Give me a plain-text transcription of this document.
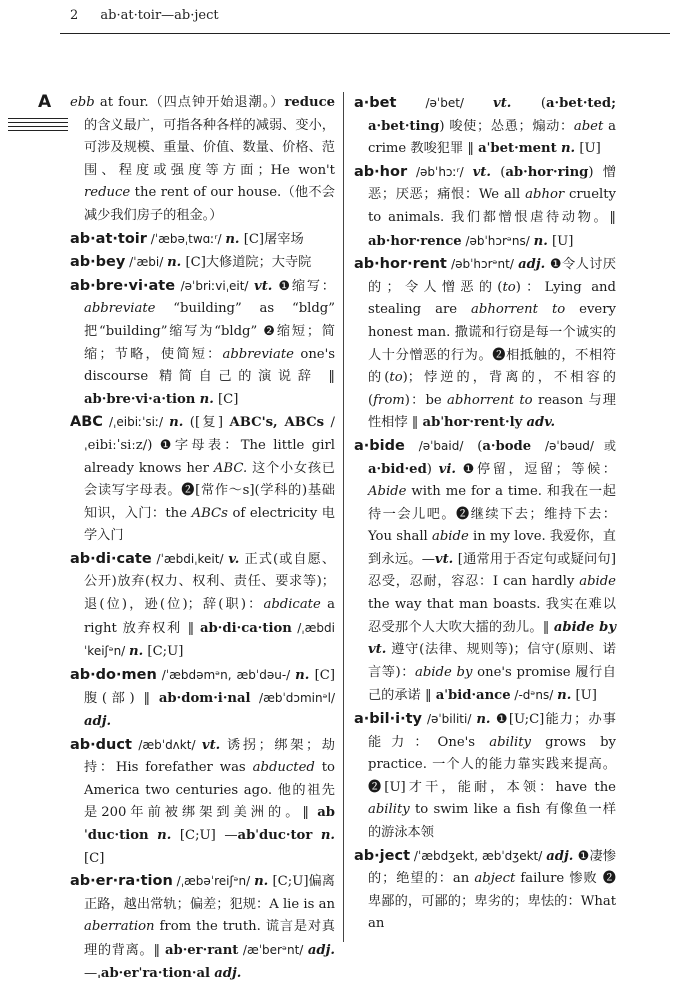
2 ab·at·toir—ab·ject
A ebb at four.（四点钟开始退潮。）reduce 的含义最广，可指各种各样的减弱、变小，可涉及规模、重量、价值、数量、价格、范围、程度或强度等方面；He won't reduce the rent of our house.（他不会减少我们房子的租金。）

ab·at·toir /ˈæbəˌtwɑːʳ/ n. [C]屠宰场

ab·bey /ˈæbi/ n. [C]大修道院；大寺院

ab·bre·vi·ate /əˈbriːviˌeit/ vt. ❶缩写：abbreviate “building” as “bldg” 把“building”缩写为“bldg” ❷缩短；简缩；节略，使简短：abbreviate one's discourse 精简自己的演说辞 ‖ ab·bre·vi·a·tion n. [C]

ABC /ˌeibiːˈsiː/ n. ([复] ABC's, ABCs /ˌeibiːˈsiːz/) ❶字母表：The little girl already knows her ABC. 这个小女孩已会读写字母表。❷[常作～s](学科的)基础知识，入门：the ABCs of electricity 电学入门

ab·di·cate /ˈæbdiˌkeit/ v. 正式(或自愿、公开)放弃(权力、权利、责任、要求等)；退(位)，逊(位)；辞(职)：abdicate a right 放弃权利 ‖ ab·di·ca·tion /ˌæbdiˈkeiʃᵊn/ n. [C;U]

ab·do·men /ˈæbdəmᵊn, æbˈdəu-/ n. [C]腹(部) ‖ ab·dom·i·nal /æbˈdɔminᵊl/ adj.

ab·duct /æbˈdʌkt/ vt. 诱拐；绑架；劫持：His forefather was abducted to America two centuries ago. 他的祖先是200年前被绑架到美洲的。‖ abˈduc·tion n. [C;U] —abˈduc·tor n. [C]

ab·er·ra·tion /ˌæbəˈreiʃᵊn/ n. [C;U]偏离正路，越出常轨；偏差；犯规：A lie is an aberration from the truth. 谎言是对真理的背离。‖ ab·er·rant /æˈberᵊnt/ adj. —ˌab·erˈra·tion·al adj.

a·bet /əˈbet/ vt. (a·bet·ted; a·bet·ting) 唆使；怂恿；煽动：abet a crime 教唆犯罪 ‖ aˈbet·ment n. [U]

ab·hor /əbˈhɔːʳ/ vt. (ab·hor·ring) 憎恶；厌恶；痛恨：We all abhor cruelty to animals. 我们都憎恨虐待动物。‖ ab·hor·rence /əbˈhɔrᵊns/ n. [U]

ab·hor·rent /əbˈhɔrᵊnt/ adj. ❶令人讨厌的；令人憎恶的(to)：Lying and stealing are abhorrent to every honest man. 撒谎和行窃是每一个诚实的人十分憎恶的行为。❷相抵触的，不相符的(to)；悖逆的，背离的，不相容的(from)：be abhorrent to reason 与理性相悖 ‖ abˈhor·rent·ly adv.

a·bide /əˈbaid/ (a·bode /əˈbəud/或 a·bid·ed) vi. ❶停留，逗留；等候：Abide with me for a time. 和我在一起待一会儿吧。❷继续下去；维持下去：You shall abide in my love. 我爱你，直到永远。—vt. [通常用于否定句或疑问句]忍受，忍耐，容忍：I can hardly abide the way that man boasts. 我实在难以忍受那个人大吹大擂的劲儿。‖ abide by vt. 遵守(法律、规则等)；信守(原则、诺言等)：abide by one's promise 履行自己的承诺 ‖ aˈbid·ance /-dᵊns/ n. [U]

a·bil·i·ty /əˈbiliti/ n. ❶[U;C]能力；办事能力：One's ability grows by practice. 一个人的能力靠实践来提高。❷[U]才干，能耐，本领：have the ability to swim like a fish 有像鱼一样的游泳本领

ab·ject /ˈæbdʒekt, æbˈdʒekt/ adj. ❶凄惨的；绝望的：an abject failure 惨败 ❷卑鄙的，可鄙的；卑劣的；卑怯的：What an
